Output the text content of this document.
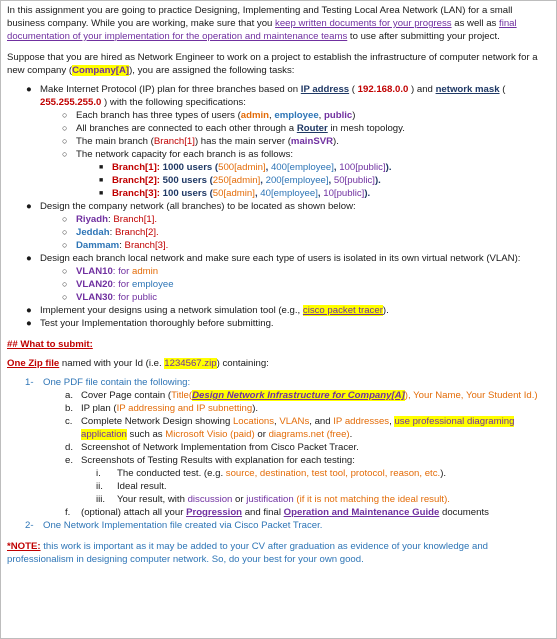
In this assignment you are going to practice Designing, Implementing and Testing Local Area Network (LAN) for a small business company. While you are working, make sure that you keep written documents for your progress as well as final documentation of your implementation for the operation and maintenance teams to use after submitting your project.

Suppose that you are hired as Network Engineer to work on a project to establish the infrastructure of computer network for a new company (Company[A]), you are assigned the following tasks:

● Make Internet Protocol (IP) plan for three branches based on IP address ( 192.168.0.0 ) and network mask ( 255.255.255.0 ) with the following specifications:
○ Each branch has three types of users (admin, employee, public)
○ All branches are connected to each other through a Router in mesh topology.
○ The main branch (Branch[1]) has the main server (mainSVR).
○ The network capacity for each branch is as follows:
■ Branch[1]: 1000 users (500[admin], 400[employee], 100[public]).
■ Branch[2]: 500 users (250[admin], 200[employee], 50[public]).
■ Branch[3]: 100 users (50[admin], 40[employee], 10[public]).
● Design the company network (all branches) to be located as shown below:
○ Riyadh: Branch[1].
○ Jeddah: Branch[2].
○ Dammam: Branch[3].
● Design each branch local network and make sure each type of users is isolated in its own virtual network (VLAN):
○ VLAN10: for admin
○ VLAN20: for employee
○ VLAN30: for public
● Implement your designs using a network simulation tool (e.g., cisco packet tracer).
● Test your Implementation thoroughly before submitting.

## What to submit:

One Zip file named with your Id (i.e. 1234567.zip) containing:

1- One PDF file contain the following:
a. Cover Page contain (Title(Design Network Infrastructure for Company[A]), Your Name, Your Student Id.)
b. IP plan (IP addressing and IP subnetting).
c. Complete Network Design showing Locations, VLANs, and IP addresses, use professional diagraming
application such as Microsoft Visio (paid) or diagrams.net (free).
d. Screenshot of Network Implementation from Cisco Packet Tracer.
e. Screenshots of Testing Results with explanation for each testing:
i. The conducted test. (e.g. source, destination, test tool, protocol, reason, etc.).
ii. Ideal result.
iii. Your result, with discussion or justification (if it is not matching the ideal result).
f. (optional) attach all your Progression and final Operation and Maintenance Guide documents
2- One Network Implementation file created via Cisco Packet Tracer.

*NOTE: this work is important as it may be added to your CV after graduation as evidence of your knowledge and professionalism in designing computer network. So, do your best for your own good.
